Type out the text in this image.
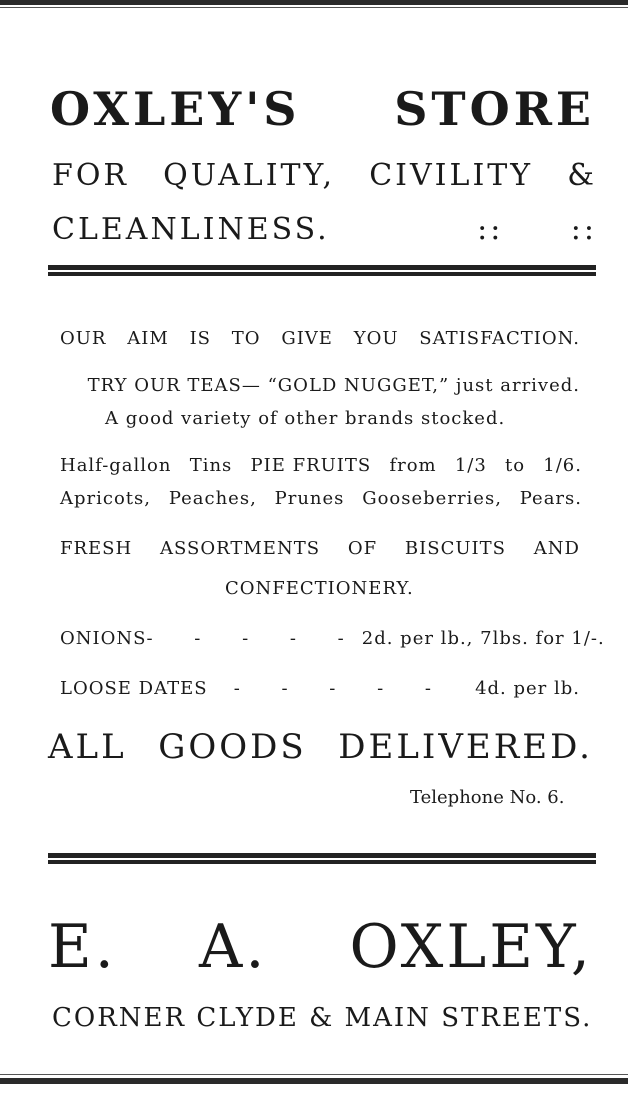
OXLEY'S STORE
FOR QUALITY, CIVILITY &
CLEANLINESS.	:: ::
OUR AIM IS TO GIVE YOU SATISFACTION.
TRY OUR TEAS— “GOLD NUGGET,” just arrived.
A good variety of other brands stocked.
Half-gallon Tins PIE FRUITS from 1/3 to 1/6.
Apricots, Peaches, Prunes Gooseberries, Pears.
FRESH ASSORTMENTS OF BISCUITS AND
CONFECTIONERY.
ONIONS - - - - - 2d. per lb., 7lbs. for 1/-.
LOOSE DATES	- - - - -	4d. per lb.
ALL GOODS DELIVERED.
Telephone No. 6.
E. A. OXLEY,
CORNER CLYDE & MAIN STREETS.
